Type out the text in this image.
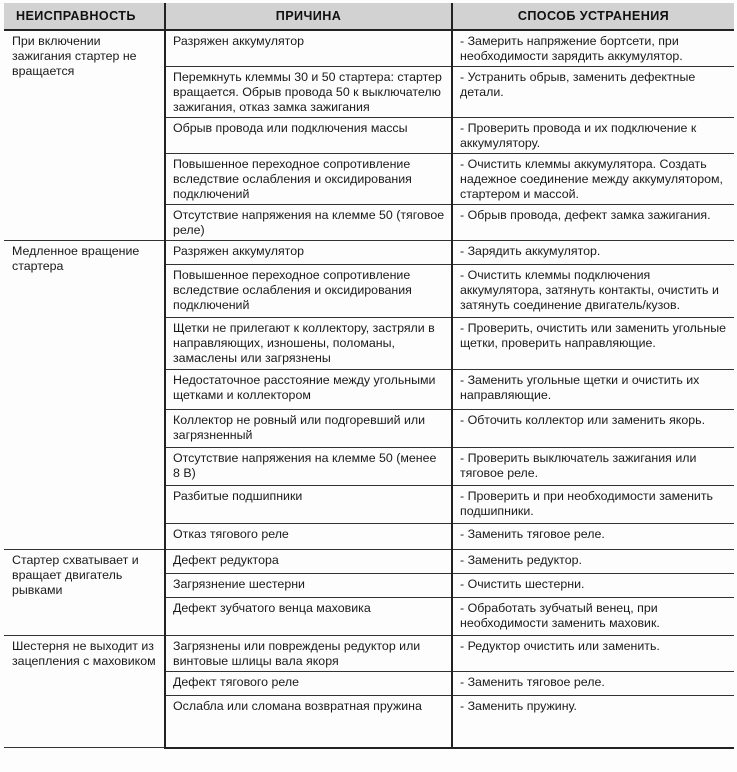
НЕИСПРАВНОСТЬ	ПРИЧИНА	СПОСОБ УСТРАНЕНИЯ
При включении зажигания стартер не вращается	Разряжен аккумулятор	- Замерить напряжение бортсети, при необходимости зарядить аккумулятор.
	Перемкнуть клеммы 30 и 50 стартера: стартер вращается. Обрыв провода 50 к выключателю зажигания, отказ замка зажигания	- Устранить обрыв, заменить дефектные детали.
	Обрыв провода или подключения массы	- Проверить провода и их подключение к аккумулятору.
	Повышенное переходное сопротивление вследствие ослабления и оксидирования подключений	- Очистить клеммы аккумулятора. Создать надежное соединение между аккумулятором, стартером и массой.
	Отсутствие напряжения на клемме 50 (тяговое реле)	- Обрыв провода, дефект замка зажигания.
Медленное вращение стартера	Разряжен аккумулятор	- Зарядить аккумулятор.
	Повышенное переходное сопротивление вследствие ослабления и оксидирования подключений	- Очистить клеммы подключения аккумулятора, затянуть контакты, очистить и затянуть соединение двигатель/кузов.
	Щетки не прилегают к коллектору, застряли в направляющих, изношены, поломаны, замаслены или загрязнены	- Проверить, очистить или заменить угольные щетки, проверить направляющие.
	Недостаточное расстояние между угольными щетками и коллектором	- Заменить угольные щетки и очистить их направляющие.
	Коллектор не ровный или подгоревший или загрязненный	- Обточить коллектор или заменить якорь.
	Отсутствие напряжения на клемме 50 (менее 8 В)	- Проверить выключатель зажигания или тяговое реле.
	Разбитые подшипники	- Проверить и при необходимости заменить подшипники.
	Отказ тягового реле	- Заменить тяговое реле.
Стартер схватывает и вращает двигатель рывками	Дефект редуктора	- Заменить редуктор.
	Загрязнение шестерни	- Очистить шестерни.
	Дефект зубчатого венца маховика	- Обработать зубчатый венец, при необходимости заменить маховик.
Шестерня не выходит из зацепления с маховиком	Загрязнены или повреждены редуктор или винтовые шлицы вала якоря	- Редуктор очистить или заменить.
	Дефект тягового реле	- Заменить тяговое реле.
	Ослабла или сломана возвратная пружина	- Заменить пружину.
